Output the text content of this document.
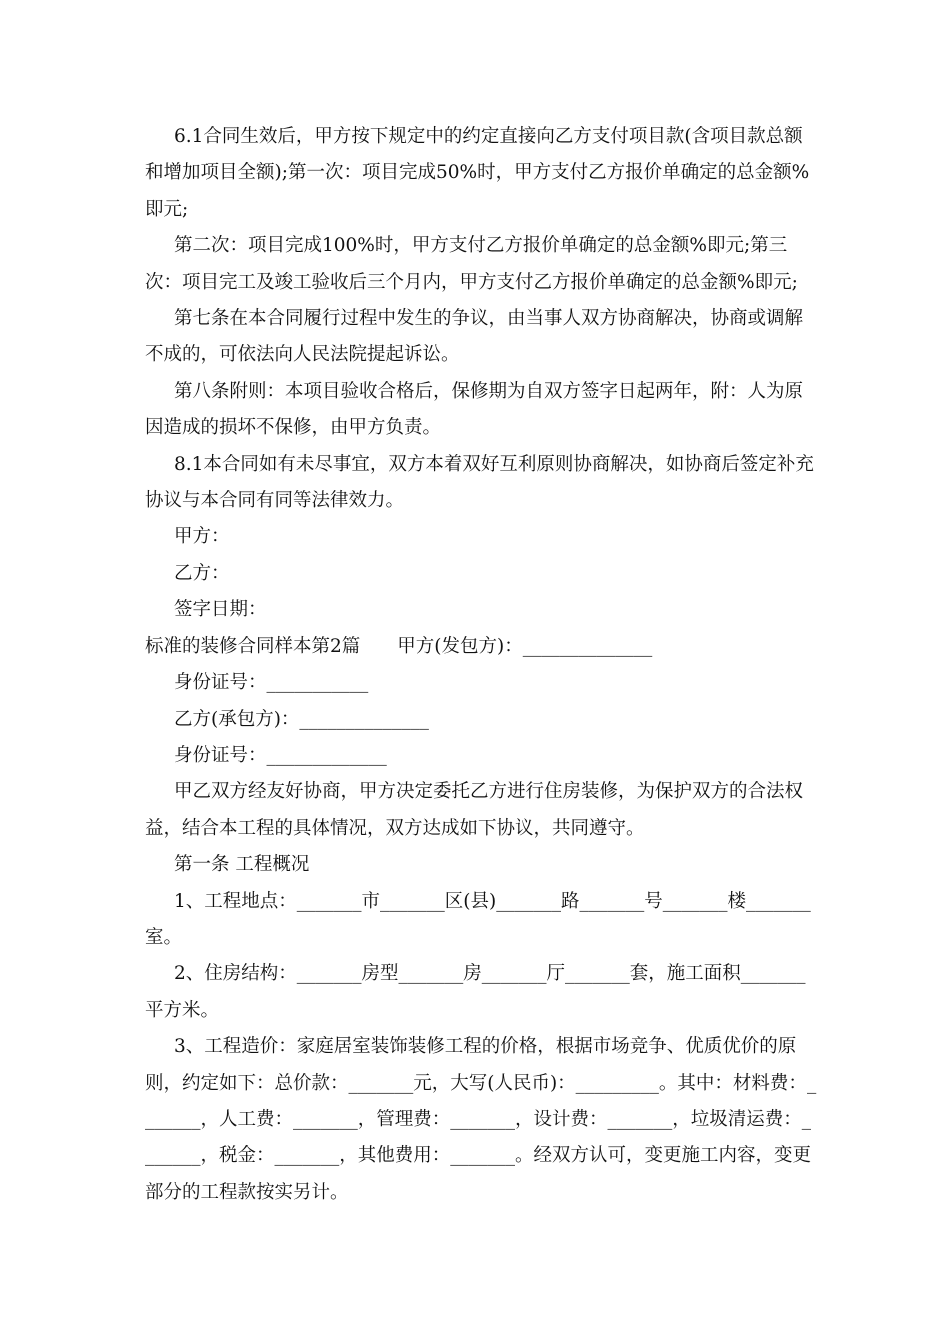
6.1合同生效后，甲方按下规定中的约定直接向乙方支付项目款(含项目款总额和增加项目全额);第一次：项目完成50%时，甲方支付乙方报价单确定的总金额%即元;

第二次：项目完成100%时，甲方支付乙方报价单确定的总金额%即元;第三次：项目完工及竣工验收后三个月内，甲方支付乙方报价单确定的总金额%即元;

第七条在本合同履行过程中发生的争议，由当事人双方协商解决，协商或调解不成的，可依法向人民法院提起诉讼。

第八条附则：本项目验收合格后，保修期为自双方签字日起两年，附：人为原因造成的损坏不保修，由甲方负责。

8.1本合同如有未尽事宜，双方本着双好互利原则协商解决，如协商后签定补充协议与本合同有同等法律效力。

甲方：

乙方：

签字日期：

标准的装修合同样本第2篇　　甲方(发包方)：______________

身份证号：___________

乙方(承包方)：______________

身份证号：_____________

甲乙双方经友好协商，甲方决定委托乙方进行住房装修，为保护双方的合法权益，结合本工程的具体情况，双方达成如下协议，共同遵守。

第一条 工程概况

1、工程地点：_______市_______区(县)_______路_______号_______楼_______室。

2、住房结构：_______房型_______房_______厅_______套，施工面积_______平方米。

3、工程造价：家庭居室装饰装修工程的价格，根据市场竞争、优质优价的原则，约定如下：总价款：_______元，大写(人民币)：_________。其中：材料费：_______，人工费：_______，管理费：_______，设计费：_______，垃圾清运费：_______，税金：_______，其他费用：_______。经双方认可，变更施工内容，变更部分的工程款按实另计。
